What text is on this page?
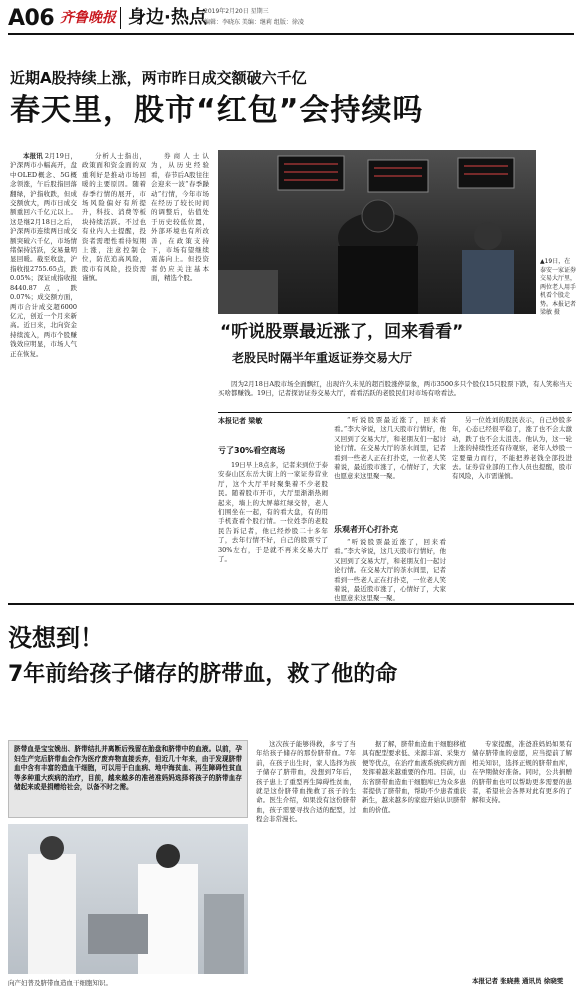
A06 齐鲁晚报 身边·热点
2019年2月20日 星期三
编辑：李晓东 美编：继莉 组版：徐凌
近期A股持续上涨，两市昨日成交额破六千亿
春天里，股市“红包”会持续吗

本报讯 2月19日，沪深两市小幅高开，盘中OLED概念、5G概念领涨，午后股指回落翻绿，沪指收跌，但成交额放大，两市日成交额重回六千亿元以上。这是继2月18日之后，沪深两市连续两日成交额突破六千亿，市场情绪保持活跃，交易量明显回暖。截至收盘，沪指收报2755.65点，跌0.05%；深证成指收报8440.87点，跌0.07%；成交额方面，两市合计成交超6000亿元，创近一个月来新高。近日来，北向资金持续流入，两市个股赚钱效应明显，市场人气正在恢复。

分析人士指出，政策面和资金面的双重利好是推动市场回暖的主要原因。随着春季行情的展开，市场风险偏好有所提升，科技、消费等板块持续活跃。不过也有业内人士提醒，投资者需理性看待短期上涨，注意控制仓位，防范追高风险，股市有风险，投资需谨慎。

券商人士认为，从历史经验看，春节后A股往往会迎来一波“春季躁动”行情，今年市场在经历了较长时间的调整后，估值处于历史较低位置，外部环境也有所改善，在政策支持下，市场有望继续震荡向上。但投资者仍应关注基本面，精选个股。

▲19日，在泰安一家证券交易大厅里，两位老人用手机看个股走势。本报记者 梁敏 摄
“听说股票最近涨了，回来看看”
老股民时隔半年重返证券交易大厅

因为2月18日A股市场全面飘红，出现许久未见的超百股涨停景象，两市3500多只个股仅15只股票下跌，有人笑称当天买啥都赚钱。19日，记者探访证券交易大厅，看看活跃的老股民们对市场有啥看法。

本报记者 梁敏
亏了30%看空离场

19日早上8点多，记者来到位于泰安泰山区东岳大街上的一家证券营业厅，这个大厅平时聚集着不少老股民。随着股市开市，大厅里渐渐热闹起来，墙上的大屏幕红绿交替，老人们围坐在一起，有的看大盘，有的用手机查看个股行情。一位姓李的老股民告诉记者，他已经炒股二十多年了，去年行情不好，自己的股票亏了30%左右，于是就不再来交易大厅了。

“听说股票最近涨了，回来看看。”李大爷说，这几天股市行情好，他又回到了交易大厅，和老朋友们一起讨论行情。在交易大厅的茶水间里，记者看到一些老人正在打扑克，一位老人笑着说，最近股市涨了，心情好了，大家也愿意来这里聚一聚。

乐观者开心打扑克

“听说股票最近涨了，回来看看。”李大爷说，这几天股市行情好，他又回到了交易大厅，和老朋友们一起讨论行情。在交易大厅的茶水间里，记者看到一些老人正在打扑克，一位老人笑着说，最近股市涨了，心情好了，大家也愿意来这里聚一聚。

另一位姓刘的股民表示，自己炒股多年，心态已经很平稳了，涨了也不会太激动，跌了也不会太沮丧。他认为，这一轮上涨的持续性还有待观察，老年人炒股一定要量力而行，不能把养老钱全部投进去。证券营业部的工作人员也提醒，股市有风险，入市需谨慎。

没想到！
7年前给孩子储存的脐带血，救了他的命
脐带血是宝宝娩出、脐带结扎并离断后残留在胎盘和脐带中的血液。以前，孕妇生产完后脐带血会作为医疗废弃物直接丢弃，但近几十年来，由于发现脐带血中含有丰富的造血干细胞，可以用于白血病、地中海贫血、再生障碍性贫血等多种重大疾病的治疗，目前，越来越多的准爸准妈妈选择将孩子的脐带血存储起来或是捐赠给社会，以备不时之需。
向产妇普及脐带血造血干细胞知识。

这次孩子能够得救，多亏了当年给孩子储存的那份脐带血。7年前，在孩子出生时，家人选择为孩子储存了脐带血，没想到7年后，孩子患上了重型再生障碍性贫血，就是这份脐带血挽救了孩子的生命。医生介绍，如果没有这份脐带血，孩子需要寻找合适的配型，过程会非常漫长。

据了解，脐带血造血干细胞移植具有配型要求低、来源丰富、采集方便等优点，在治疗血液系统疾病方面发挥着越来越重要的作用。目前，山东省脐带血造血干细胞库已为众多患者提供了脐带血，帮助不少患者重获新生，越来越多的家庭开始认识脐带血的价值。

专家提醒，准爸准妈妈如果有储存脐带血的意愿，应当提前了解相关知识，选择正规的脐带血库，在孕期做好准备。同时，公共捐赠的脐带血也可以帮助更多需要的患者，希望社会各界对此有更多的了解和支持。

本报记者 张晓燕 通讯员 徐晓雯
